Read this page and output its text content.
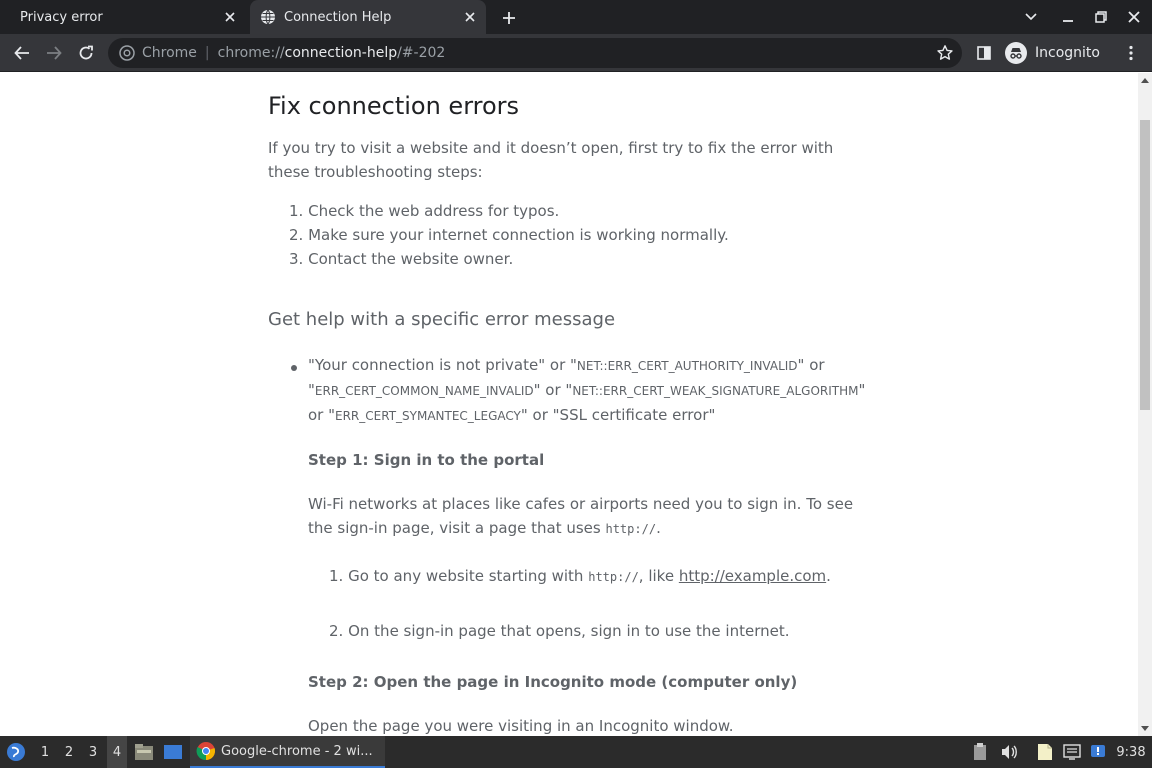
Privacy error	Connection Help
Chrome | chrome:// connection-help /#-202	Incognito
Fix connection errors
If you try to visit a website and it doesn’t open, first try to fix the error with these troubleshooting steps:
1. Check the web address for typos.
2. Make sure your internet connection is working normally.
3. Contact the website owner.
Get help with a specific error message
"Your connection is not private" or "NET::ERR_CERT_AUTHORITY_INVALID" or
"ERR_CERT_COMMON_NAME_INVALID" or "NET::ERR_CERT_WEAK_SIGNATURE_ALGORITHM"
or "ERR_CERT_SYMANTEC_LEGACY" or "SSL certificate error"
Step 1: Sign in to the portal
Wi-Fi networks at places like cafes or airports need you to sign in. To see the sign-in page, visit a page that uses http://.
1. Go to any website starting with http://, like http://example.com.
2. On the sign-in page that opens, sign in to use the internet.
Step 2: Open the page in Incognito mode (computer only)
Open the page you were visiting in an Incognito window.
1	2	3	4	Google-chrome - 2 wi...	9:38
